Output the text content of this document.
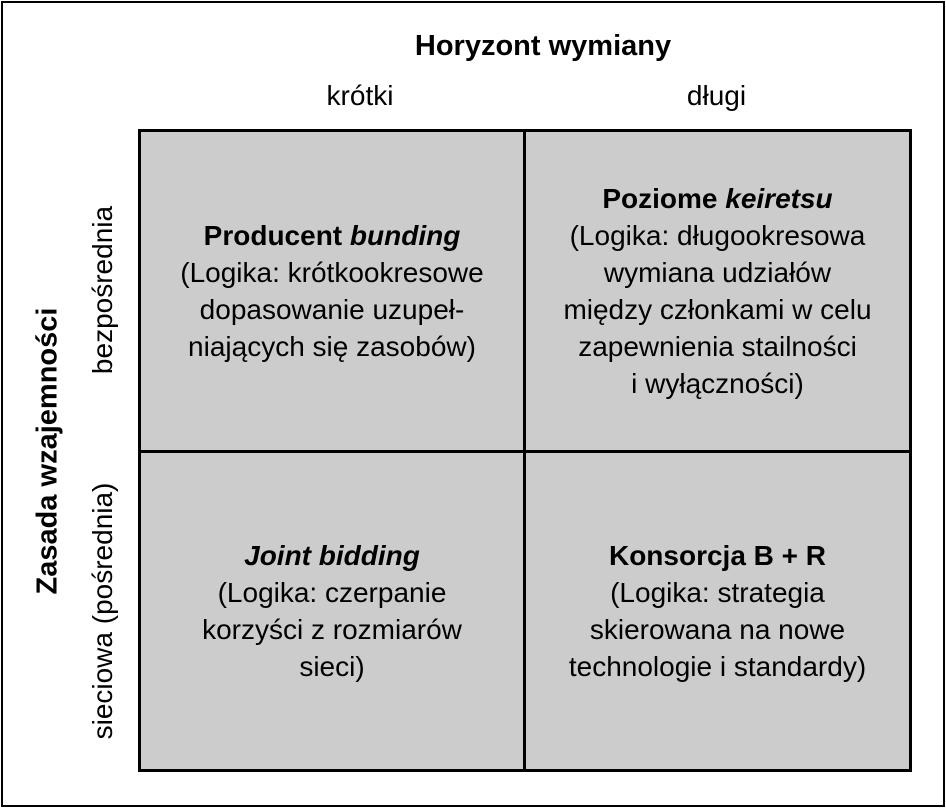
Horyzont wymiany
krótki	długi
Zasada wzajemności
bezpośrednia
sieciowa (pośrednia)
Producent bunding
(Logika: krótkookresowe
dopasowanie uzupeł-
niających się zasobów)
Poziome keiretsu
(Logika: długookresowa
wymiana udziałów
między członkami w celu
zapewnienia stailności
i wyłączności)
Joint bidding
(Logika: czerpanie
korzyści z rozmiarów
sieci)
Konsorcja B + R
(Logika: strategia
skierowana na nowe
technologie i standardy)
